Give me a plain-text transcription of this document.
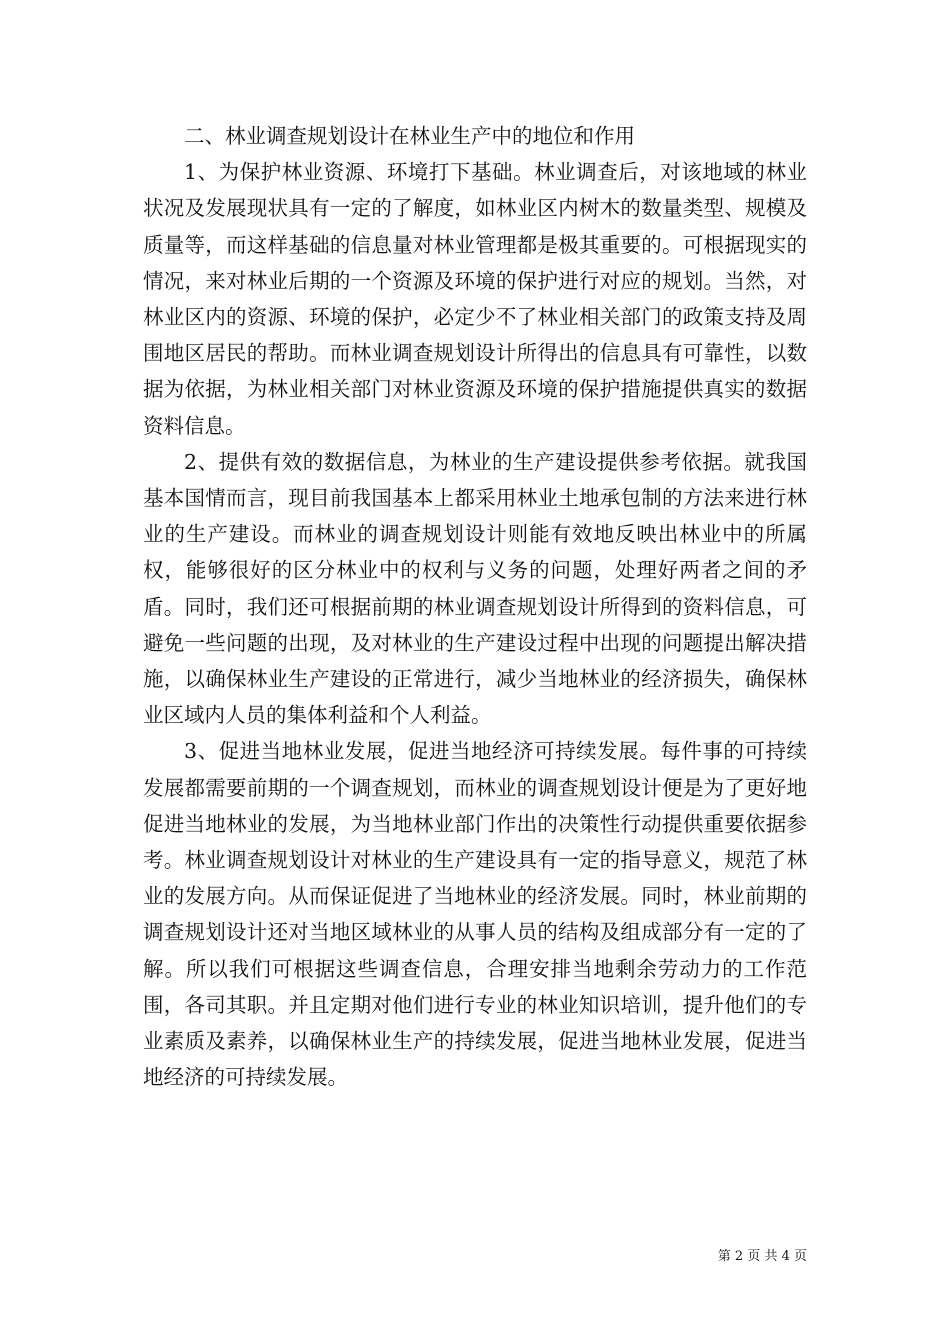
二、林业调查规划设计在林业生产中的地位和作用

1、为保护林业资源、环境打下基础。林业调查后，对该地域的林业状况及发展现状具有一定的了解度，如林业区内树木的数量类型、规模及质量等，而这样基础的信息量对林业管理都是极其重要的。可根据现实的情况，来对林业后期的一个资源及环境的保护进行对应的规划。当然，对林业区内的资源、环境的保护，必定少不了林业相关部门的政策支持及周围地区居民的帮助。而林业调查规划设计所得出的信息具有可靠性，以数据为依据，为林业相关部门对林业资源及环境的保护措施提供真实的数据资料信息。

2、提供有效的数据信息，为林业的生产建设提供参考依据。就我国基本国情而言，现目前我国基本上都采用林业土地承包制的方法来进行林业的生产建设。而林业的调查规划设计则能有效地反映出林业中的所属权，能够很好的区分林业中的权利与义务的问题，处理好两者之间的矛盾。同时，我们还可根据前期的林业调查规划设计所得到的资料信息，可避免一些问题的出现，及对林业的生产建设过程中出现的问题提出解决措施，以确保林业生产建设的正常进行，减少当地林业的经济损失，确保林业区域内人员的集体利益和个人利益。

3、促进当地林业发展，促进当地经济可持续发展。每件事的可持续发展都需要前期的一个调查规划，而林业的调查规划设计便是为了更好地促进当地林业的发展，为当地林业部门作出的决策性行动提供重要依据参考。林业调查规划设计对林业的生产建设具有一定的指导意义，规范了林业的发展方向。从而保证促进了当地林业的经济发展。同时，林业前期的调查规划设计还对当地区域林业的从事人员的结构及组成部分有一定的了解。所以我们可根据这些调查信息，合理安排当地剩余劳动力的工作范围，各司其职。并且定期对他们进行专业的林业知识培训，提升他们的专业素质及素养，以确保林业生产的持续发展，促进当地林业发展，促进当地经济的可持续发展。

第 2 页 共 4 页
